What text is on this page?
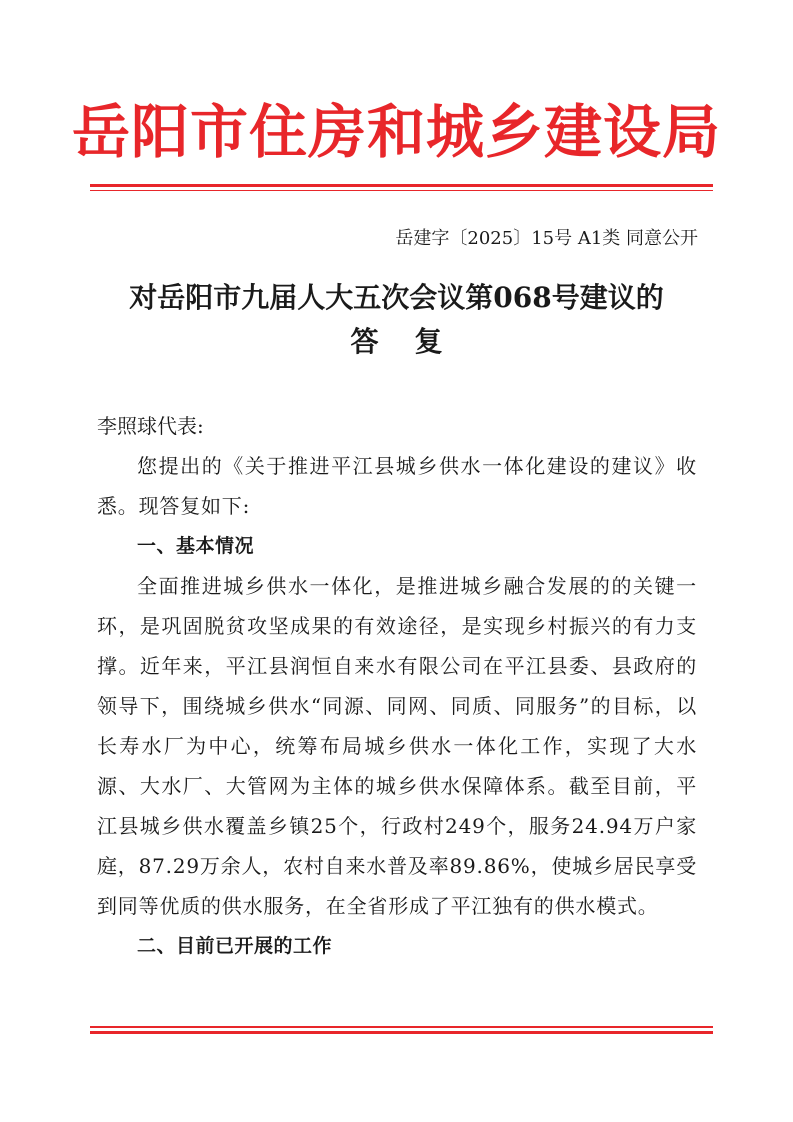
岳阳市住房和城乡建设局
岳建字〔2025〕15号 A1类 同意公开
对岳阳市九届人大五次会议第068号建议的
答复

李照球代表:

您提出的《关于推进平江县城乡供水一体化建设的建议》收悉。现答复如下:

一、基本情况

全面推进城乡供水一体化，是推进城乡融合发展的的关键一环，是巩固脱贫攻坚成果的有效途径，是实现乡村振兴的有力支撑。近年来，平江县润恒自来水有限公司在平江县委、县政府的领导下，围绕城乡供水“同源、同网、同质、同服务”的目标，以长寿水厂为中心，统筹布局城乡供水一体化工作，实现了大水源、大水厂、大管网为主体的城乡供水保障体系。截至目前，平江县城乡供水覆盖乡镇25个，行政村249个，服务24.94万户家庭，87.29万余人，农村自来水普及率89.86%，使城乡居民享受到同等优质的供水服务，在全省形成了平江独有的供水模式。

二、目前已开展的工作
